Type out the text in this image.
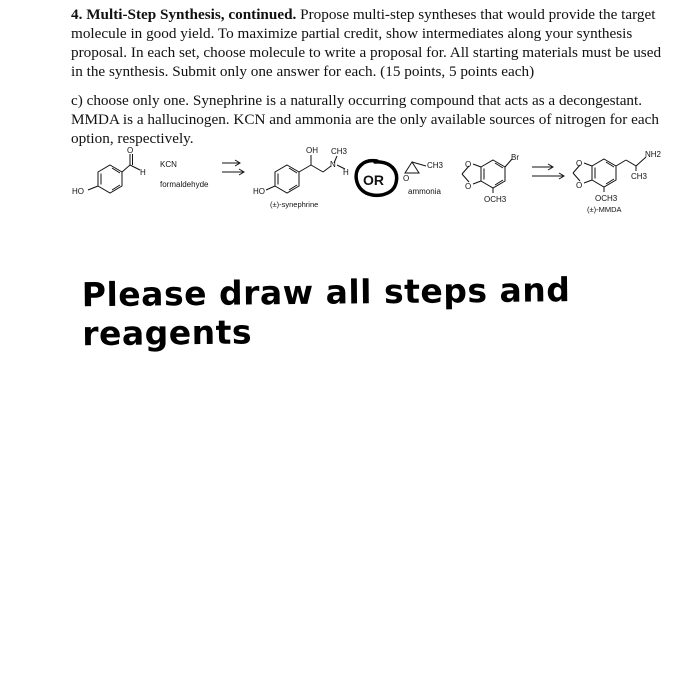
4. Multi-Step Synthesis, continued. Propose multi-step syntheses that would provide the target molecule in good yield. To maximize partial credit, show intermediates along your synthesis proposal. In each set, choose molecule to write a proposal for. All starting materials must be used in the synthesis. Submit only one answer for each. (15 points, 5 points each)

c) choose only one. Synephrine is a naturally occurring compound that acts as a decongestant. MMDA is a hallucinogen. KCN and ammonia are the only available sources of nitrogen for each option, respectively.

HO
O
H
KCN
formaldehyde
OH CH3
N
H
HO
(±)-synephrine
OR O
CH3
ammonia
O
O
Br
OCH3
O
O
NH2
CH3
OCH3
(±)-MMDA

Please draw all steps and reagents
